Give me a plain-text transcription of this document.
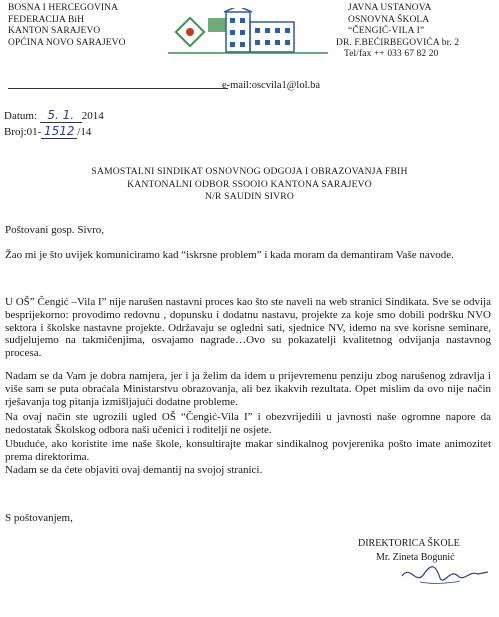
BOSNA I HERCEGOVINA
FEDERACIJA BiH
KANTON SARAJEVO
OPĆINA NOVO SARAJEVO
JAVNA USTANOVA
OSNOVNA ŠKOLA
“ČENGIĆ-VILA I”
DR. F.BEĆIRBEGOVIĆA br. 2
Tel/fax ++ 033 67 82 20
e-mail:oscvila1@lol.ba
Datum: 5. 1. 2014
Broj:01- 1512 /14
SAMOSTALNI SINDIKAT OSNOVNOG ODGOJA I OBRAZOVANJA FBIH
KANTONALNI ODBOR SSOOIO KANTONA SARAJEVO
N/R SAUDIN SIVRO
Poštovani gosp. Sivro,
Žao mi je što uvijek komuniciramo kad “iskrsne problem” i kada moram da demantiram Vaše navode.
U OŠ” Čengić –Vila I” nije narušen nastavni proces kao što ste naveli na web stranici Sindikata. Sve se odvija besprijekorno: provodimo redovnu , dopunsku i dodatnu nastavu, projekte za koje smo dobili podršku NVO sektora i školske nastavne projekte. Održavaju se ogledni sati, sjednice NV, idemo na sve korisne seminare, sudjelujemo na takmičenjima, osvajamo nagrade…Ovo su pokazatelji kvalitetnog odvijanja nastavnog procesa.
Nadam se da Vam je dobra namjera, jer i ja želim da idem u prijevremenu penziju zbog narušenog zdravlja i više sam se puta obraćala Ministarstvu obrazovanja, ali bez ikakvih rezultata. Opet mislim da ovo nije način rješavanja tog pitanja izmišljajući dodatne probleme.
Na ovaj način ste ugrozili ugled OŠ “Čengić-Vila I” i obezvrijedili u javnosti naše ogromne napore da nedostatak Školskog odbora naši učenici i roditelji ne osjete.
Ubuduće, ako koristite ime naše škole, konsultirajte makar sindikalnog povjerenika pošto imate animozitet prema direktorima.
Nadam se da ćete objaviti ovaj demantij na svojoj stranici.
S poštovanjem,
DIREKTORICA ŠKOLE
Mr. Zineta Bogunić
